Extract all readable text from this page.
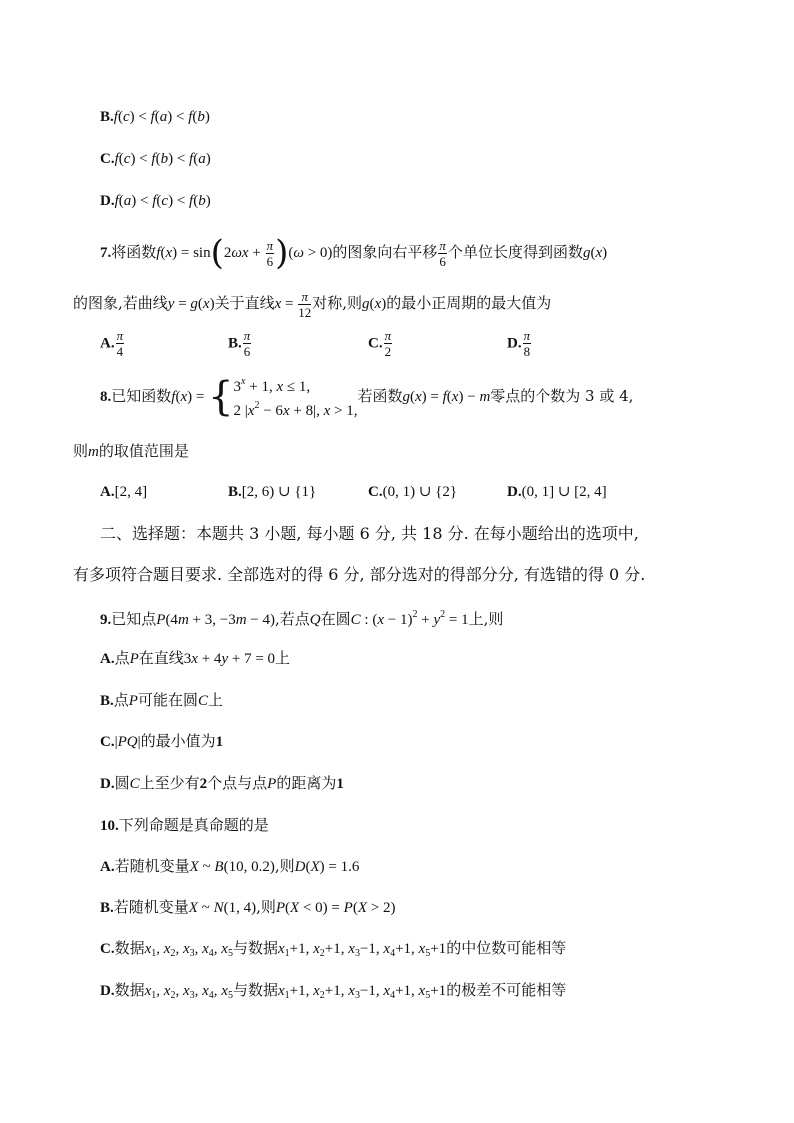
B.f(c) < f(a) < f(b)
C.f(c) < f(b) < f(a)
D.f(a) < f(c) < f(b)
7.将函数$f(x) = \sin(2\omega x + \frac{\pi}{6} )(\omega > 0)$的图象向右平移 $\frac{\pi}{6}$ 个单位长度得到函数g(x)
的图象,若曲线y = g(x)关于直线$x = \frac{\pi}{12}$ 对称,则g(x)的最小正周期的最大值为
A. $\frac{\pi}{4}$	B. $\frac{\pi}{6}$	C. $\frac{\pi}{2}$	D. $\frac{\pi}{8}$
8.已知函数$f(x) = \{3^x + 1$, x ≤ 1,
2 $|x^2 - 6x + 8|$, x > 1,若函数g(x) = f(x) − m零点的个数为 3 或 4,
则m的取值范围是
A.[2, 4]	B.[2, 6) ∪ {1}	C.(0, 1) ∪ {2}	D.(0, 1] ∪ [2, 4]
二、选择题：本题共 3 小题, 每小题 6 分, 共 18 分. 在每小题给出的选项中,
有多项符合题目要求. 全部选对的得 6 分, 部分选对的得部分分, 有选错的得 0 分.
9.已知点P(4m + 3, −3m − 4),若点Q在圆C : $(x - 1)^2 + y^2 = 1$上,则
A.点P在直线3x + 4y + 7 = 0上
B.点P可能在圆C上
C.|PQ|的最小值为1
D.圆C上至少有2个点与点P的距离为1
10.下列命题是真命题的是
A.若随机变量X ~ B(10, 0.2),则D(X) = 1.6
B.若随机变量X ~ N(1, 4),则P(X < 0) = P(X > 2)
C.数据$x_1$, $x_2$, $x_3$, $x_4$, $x_5$与数据$x_1+1$, $x_2+1$, $x_3-1$, $x_4+1$, $x_5+1$的中位数可能相等
D.数据$x_1$, $x_2$, $x_3$, $x_4$, $x_5$与数据$x_1+1$, $x_2+1$, $x_3-1$, $x_4+1$, $x_5+1$的极差不可能相等
